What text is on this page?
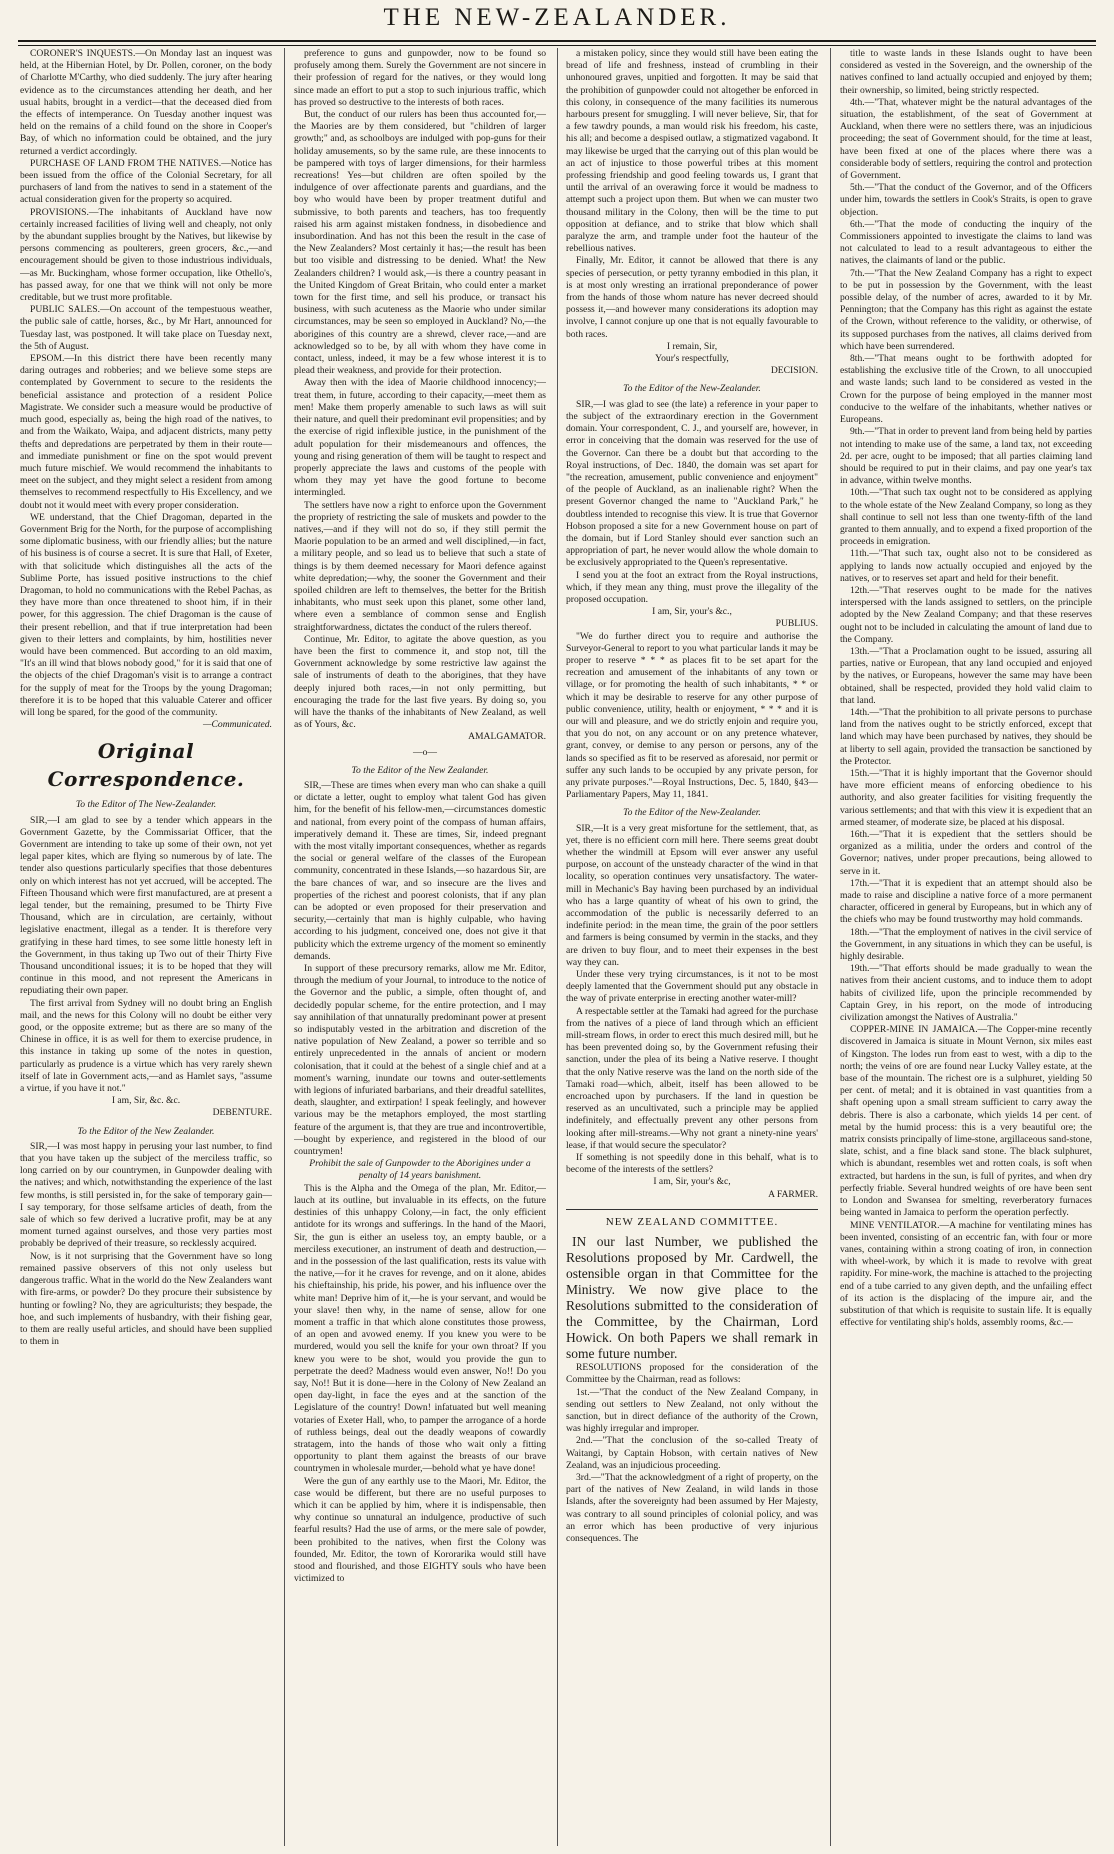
THE NEW-ZEALANDER.

CORONER'S INQUESTS.—On Monday last an inquest was held, at the Hibernian Hotel, by Dr. Pollen, coroner, on the body of Charlotte M'Carthy, who died suddenly. The jury after hearing evidence as to the circumstances attending her death, and her usual habits, brought in a verdict—that the deceased died from the effects of intemperance. On Tuesday another inquest was held on the remains of a child found on the shore in Cooper's Bay, of which no information could be obtained, and the jury returned a verdict accordingly.

PURCHASE OF LAND FROM THE NATIVES.—Notice has been issued from the office of the Colonial Secretary, for all purchasers of land from the natives to send in a statement of the actual consideration given for the property so acquired.

PROVISIONS.—The inhabitants of Auckland have now certainly increased facilities of living well and cheaply, not only by the abundant supplies brought by the Natives, but likewise by persons commencing as poulterers, green grocers, &c.,—and encouragement should be given to those industrious individuals,—as Mr. Buckingham, whose former occupation, like Othello's, has passed away, for one that we think will not only be more creditable, but we trust more profitable.

PUBLIC SALES.—On account of the tempestuous weather, the public sale of cattle, horses, &c., by Mr Hart, announced for Tuesday last, was postponed. It will take place on Tuesday next, the 5th of August.

EPSOM.—In this district there have been recently many daring outrages and robberies; and we believe some steps are contemplated by Government to secure to the residents the beneficial assistance and protection of a resident Police Magistrate. We consider such a measure would be productive of much good, especially as, being the high road of the natives, to and from the Waikato, Waipa, and adjacent districts, many petty thefts and depredations are perpetrated by them in their route—and immediate punishment or fine on the spot would prevent much future mischief. We would recommend the inhabitants to meet on the subject, and they might select a resident from among themselves to recommend respectfully to His Excellency, and we doubt not it would meet with every proper consideration.

WE understand, that the Chief Dragoman, departed in the Government Brig for the North, for the purpose of accomplishing some diplomatic business, with our friendly allies; but the nature of his business is of course a secret. It is sure that Hall, of Exeter, with that solicitude which distinguishes all the acts of the Sublime Porte, has issued positive instructions to the chief Dragoman, to hold no communications with the Rebel Pachas, as they have more than once threatened to shoot him, if in their power, for this aggression. The chief Dragoman is the cause of their present rebellion, and that if true interpretation had been given to their letters and complaints, by him, hostilities never would have been commenced. But according to an old maxim, "It's an ill wind that blows nobody good," for it is said that one of the objects of the chief Dragoman's visit is to arrange a contract for the supply of meat for the Troops by the young Dragoman; therefore it is to be hoped that this valuable Caterer and officer will long be spared, for the good of the community.

—Communicated.

Original Correspondence.

To the Editor of The New-Zealander.

SIR,—I am glad to see by a tender which appears in the Government Gazette, by the Commissariat Officer, that the Government are intending to take up some of their own, not yet legal paper kites, which are flying so numerous by of late. The tender also questions particularly specifies that those debentures only on which interest has not yet accrued, will be accepted. The Fifteen Thousand which were first manufactured, are at present a legal tender, but the remaining, presumed to be Thirty Five Thousand, which are in circulation, are certainly, without legislative enactment, illegal as a tender. It is therefore very gratifying in these hard times, to see some little honesty left in the Government, in thus taking up Two out of their Thirty Five Thousand unconditional issues; it is to be hoped that they will continue in this mood, and not represent the Americans in repudiating their own paper.

The first arrival from Sydney will no doubt bring an English mail, and the news for this Colony will no doubt be either very good, or the opposite extreme; but as there are so many of the Chinese in office, it is as well for them to exercise prudence, in this instance in taking up some of the notes in question, particularly as prudence is a virtue which has very rarely shewn itself of late in Government acts,—and as Hamlet says, "assume a virtue, if you have it not."

I am, Sir, &c. &c.

DEBENTURE.

To the Editor of the New Zealander.

SIR,—I was most happy in perusing your last number, to find that you have taken up the subject of the merciless traffic, so long carried on by our countrymen, in Gunpowder dealing with the natives; and which, notwithstanding the experience of the last few months, is still persisted in, for the sake of temporary gain—I say temporary, for those selfsame articles of death, from the sale of which so few derived a lucrative profit, may be at any moment turned against ourselves, and those very parties most probably be deprived of their treasure, so recklessly acquired.

Now, is it not surprising that the Government have so long remained passive observers of this not only useless but dangerous traffic. What in the world do the New Zealanders want with fire-arms, or powder? Do they procure their subsistence by hunting or fowling? No, they are agriculturists; they bespade, the hoe, and such implements of husbandry, with their fishing gear, to them are really useful articles, and should have been supplied to them in

preference to guns and gunpowder, now to be found so profusely among them. Surely the Government are not sincere in their profession of regard for the natives, or they would long since made an effort to put a stop to such injurious traffic, which has proved so destructive to the interests of both races.

But, the conduct of our rulers has been thus accounted for,—the Maories are by them considered, but "children of larger growth;" and, as schoolboys are indulged with pop-guns for their holiday amusements, so by the same rule, are these innocents to be pampered with toys of larger dimensions, for their harmless recreations! Yes—but children are often spoiled by the indulgence of over affectionate parents and guardians, and the boy who would have been by proper treatment dutiful and submissive, to both parents and teachers, has too frequently raised his arm against mistaken fondness, in disobedience and insubordination. And has not this been the result in the case of the New Zealanders? Most certainly it has;—the result has been but too visible and distressing to be denied. What! the New Zealanders children? I would ask,—is there a country peasant in the United Kingdom of Great Britain, who could enter a market town for the first time, and sell his produce, or transact his business, with such acuteness as the Maorie who under similar circumstances, may be seen so employed in Auckland? No,—the aborigines of this country are a shrewd, clever race,—and are acknowledged so to be, by all with whom they have come in contact, unless, indeed, it may be a few whose interest it is to plead their weakness, and provide for their protection.

Away then with the idea of Maorie childhood innocency;—treat them, in future, according to their capacity,—meet them as men! Make them properly amenable to such laws as will suit their nature, and quell their predominant evil propensities; and by the exercise of rigid inflexible justice, in the punishment of the adult population for their misdemeanours and offences, the young and rising generation of them will be taught to respect and properly appreciate the laws and customs of the people with whom they may yet have the good fortune to become intermingled.

The settlers have now a right to enforce upon the Government the propriety of restricting the sale of muskets and powder to the natives,—and if they will not do so, if they still permit the Maorie population to be an armed and well disciplined,—in fact, a military people, and so lead us to believe that such a state of things is by them deemed necessary for Maori defence against white depredation;—why, the sooner the Government and their spoiled children are left to themselves, the better for the British inhabitants, who must seek upon this planet, some other land, where even a semblance of common sense and English straightforwardness, dictates the conduct of the rulers thereof.

Continue, Mr. Editor, to agitate the above question, as you have been the first to commence it, and stop not, till the Government acknowledge by some restrictive law against the sale of instruments of death to the aborigines, that they have deeply injured both races,—in not only permitting, but encouraging the trade for the last five years. By doing so, you will have the thanks of the inhabitants of New Zealand, as well as of Yours, &c.

AMALGAMATOR.

—o—

To the Editor of the New Zealander.

SIR,—These are times when every man who can shake a quill or dictate a letter, ought to employ what talent God has given him, for the benefit of his fellow-men,—circumstances domestic and national, from every point of the compass of human affairs, imperatively demand it. These are times, Sir, indeed pregnant with the most vitally important consequences, whether as regards the social or general welfare of the classes of the European community, concentrated in these Islands,—so hazardous Sir, are the bare chances of war, and so insecure are the lives and properties of the richest and poorest colonists, that if any plan can be adopted or even proposed for their preservation and security,—certainly that man is highly culpable, who having according to his judgment, conceived one, does not give it that publicity which the extreme urgency of the moment so eminently demands.

In support of these precursory remarks, allow me Mr. Editor, through the medium of your Journal, to introduce to the notice of the Governor and the public, a simple, often thought of, and decidedly popular scheme, for the entire protection, and I may say annihilation of that unnaturally predominant power at present so indisputably vested in the arbitration and discretion of the native population of New Zealand, a power so terrible and so entirely unprecedented in the annals of ancient or modern colonisation, that it could at the behest of a single chief and at a moment's warning, inundate our towns and outer-settlements with legions of infuriated barbarians, and their dreadful satellites, death, slaughter, and extirpation! I speak feelingly, and however various may be the metaphors employed, the most startling feature of the argument is, that they are true and incontrovertible,—bought by experience, and registered in the blood of our countrymen!

Prohibit the sale of Gunpowder to the Aborigines under a penalty of 14 years banishment.

This is the Alpha and the Omega of the plan, Mr. Editor,—lauch at its outline, but invaluable in its effects, on the future destinies of this unhappy Colony,—in fact, the only efficient antidote for its wrongs and sufferings. In the hand of the Maori, Sir, the gun is either an useless toy, an empty bauble, or a merciless executioner, an instrument of death and destruction,—and in the possession of the last qualification, rests its value with the native,—for it he craves for revenge, and on it alone, abides his chieftainship, his pride, his power, and his influence over the white man! Deprive him of it,—he is your servant, and would be your slave! then why, in the name of sense, allow for one moment a traffic in that which alone constitutes those prowess, of an open and avowed enemy. If you knew you were to be murdered, would you sell the knife for your own throat? If you knew you were to be shot, would you provide the gun to perpetrate the deed? Madness would even answer, No!! Do you say, No!! But it is done—here in the Colony of New Zealand an open day-light, in face the eyes and at the sanction of the Legislature of the country! Down! infatuated but well meaning votaries of Exeter Hall, who, to pamper the arrogance of a horde of ruthless beings, deal out the deadly weapons of cowardly stratagem, into the hands of those who wait only a fitting opportunity to plant them against the breasts of our brave countrymen in wholesale murder,—behold what ye have done!

Were the gun of any earthly use to the Maori, Mr. Editor, the case would be different, but there are no useful purposes to which it can be applied by him, where it is indispensable, then why continue so unnatural an indulgence, productive of such fearful results? Had the use of arms, or the mere sale of powder, been prohibited to the natives, when first the Colony was founded, Mr. Editor, the town of Kororarika would still have stood and flourished, and those EIGHTY souls who have been victimized to

a mistaken policy, since they would still have been eating the bread of life and freshness, instead of crumbling in their unhonoured graves, unpitied and forgotten. It may be said that the prohibition of gunpowder could not altogether be enforced in this colony, in consequence of the many facilities its numerous harbours present for smuggling. I will never believe, Sir, that for a few tawdry pounds, a man would risk his freedom, his caste, his all; and become a despised outlaw, a stigmatized vagabond. It may likewise be urged that the carrying out of this plan would be an act of injustice to those powerful tribes at this moment professing friendship and good feeling towards us, I grant that until the arrival of an overawing force it would be madness to attempt such a project upon them. But when we can muster two thousand military in the Colony, then will be the time to put opposition at defiance, and to strike that blow which shall paralyze the arm, and trample under foot the hauteur of the rebellious natives.

Finally, Mr. Editor, it cannot be allowed that there is any species of persecution, or petty tyranny embodied in this plan, it is at most only wresting an irrational preponderance of power from the hands of those whom nature has never decreed should possess it,—and however many considerations its adoption may involve, I cannot conjure up one that is not equally favourable to both races.

I remain, Sir,

Your's respectfully,

DECISION.

To the Editor of the New-Zealander.

SIR,—I was glad to see (the late) a reference in your paper to the subject of the extraordinary erection in the Government domain. Your correspondent, C. J., and yourself are, however, in error in conceiving that the domain was reserved for the use of the Governor. Can there be a doubt but that according to the Royal instructions, of Dec. 1840, the domain was set apart for "the recreation, amusement, public convenience and enjoyment" of the people of Auckland, as an inalienable right? When the present Governor changed the name to "Auckland Park," he doubtless intended to recognise this view. It is true that Governor Hobson proposed a site for a new Government house on part of the domain, but if Lord Stanley should ever sanction such an appropriation of part, he never would allow the whole domain to be exclusively appropriated to the Queen's representative.

I send you at the foot an extract from the Royal instructions, which, if they mean any thing, must prove the illegality of the proposed occupation.

I am, Sir, your's &c.,

PUBLIUS.

"We do further direct you to require and authorise the Surveyor-General to report to you what particular lands it may be proper to reserve * * * as places fit to be set apart for the recreation and amusement of the inhabitants of any town or village, or for promoting the health of such inhabitants, * * or which it may be desirable to reserve for any other purpose of public convenience, utility, health or enjoyment, * * * and it is our will and pleasure, and we do strictly enjoin and require you, that you do not, on any account or on any pretence whatever, grant, convey, or demise to any person or persons, any of the lands so specified as fit to be reserved as aforesaid, nor permit or suffer any such lands to be occupied by any private person, for any private purposes."—Royal Instructions, Dec. 5, 1840, §43—Parliamentary Papers, May 11, 1841.

To the Editor of the New-Zealander.

SIR,—It is a very great misfortune for the settlement, that, as yet, there is no efficient corn mill here. There seems great doubt whether the windmill at Epsom will ever answer any useful purpose, on account of the unsteady character of the wind in that locality, so operation continues very unsatisfactory. The water-mill in Mechanic's Bay having been purchased by an individual who has a large quantity of wheat of his own to grind, the accommodation of the public is necessarily deferred to an indefinite period: in the mean time, the grain of the poor settlers and farmers is being consumed by vermin in the stacks, and they are driven to buy flour, and to meet their expenses in the best way they can.

Under these very trying circumstances, is it not to be most deeply lamented that the Government should put any obstacle in the way of private enterprise in erecting another water-mill?

A respectable settler at the Tamaki had agreed for the purchase from the natives of a piece of land through which an efficient mill-stream flows, in order to erect this much desired mill, but he has been prevented doing so, by the Government refusing their sanction, under the plea of its being a Native reserve. I thought that the only Native reserve was the land on the north side of the Tamaki road—which, albeit, itself has been allowed to be encroached upon by purchasers. If the land in question be reserved as an uncultivated, such a principle may be applied indefinitely, and effectually prevent any other persons from looking after mill-streams.—Why not grant a ninety-nine years' lease, if that would secure the speculator?

If something is not speedily done in this behalf, what is to become of the interests of the settlers?

I am, Sir, your's &c,

A FARMER.

NEW ZEALAND COMMITTEE.

IN our last Number, we published the Resolutions proposed by Mr. Cardwell, the ostensible organ in that Committee for the Ministry. We now give place to the Resolutions submitted to the consideration of the Committee, by the Chairman, Lord Howick. On both Papers we shall remark in some future number.

RESOLUTIONS proposed for the consideration of the Committee by the Chairman, read as follows:

1st.—"That the conduct of the New Zealand Company, in sending out settlers to New Zealand, not only without the sanction, but in direct defiance of the authority of the Crown, was highly irregular and improper.

2nd.—"That the conclusion of the so-called Treaty of Waitangi, by Captain Hobson, with certain natives of New Zealand, was an injudicious proceeding.

3rd.—"That the acknowledgment of a right of property, on the part of the natives of New Zealand, in wild lands in those Islands, after the sovereignty had been assumed by Her Majesty, was contrary to all sound principles of colonial policy, and was an error which has been productive of very injurious consequences. The

title to waste lands in these Islands ought to have been considered as vested in the Sovereign, and the ownership of the natives confined to land actually occupied and enjoyed by them; their ownership, so limited, being strictly respected.

4th.—"That, whatever might be the natural advantages of the situation, the establishment, of the seat of Government at Auckland, when there were no settlers there, was an injudicious proceeding; the seat of Government should, for the time at least, have been fixed at one of the places where there was a considerable body of settlers, requiring the control and protection of Government.

5th.—"That the conduct of the Governor, and of the Officers under him, towards the settlers in Cook's Straits, is open to grave objection.

6th.—"That the mode of conducting the inquiry of the Commissioners appointed to investigate the claims to land was not calculated to lead to a result advantageous to either the natives, the claimants of land or the public.

7th.—"That the New Zealand Company has a right to expect to be put in possession by the Government, with the least possible delay, of the number of acres, awarded to it by Mr. Pennington; that the Company has this right as against the estate of the Crown, without reference to the validity, or otherwise, of its supposed purchases from the natives, all claims derived from which have been surrendered.

8th.—"That means ought to be forthwith adopted for establishing the exclusive title of the Crown, to all unoccupied and waste lands; such land to be considered as vested in the Crown for the purpose of being employed in the manner most conducive to the welfare of the inhabitants, whether natives or Europeans.

9th.—"That in order to prevent land from being held by parties not intending to make use of the same, a land tax, not exceeding 2d. per acre, ought to be imposed; that all parties claiming land should be required to put in their claims, and pay one year's tax in advance, within twelve months.

10th.—"That such tax ought not to be considered as applying to the whole estate of the New Zealand Company, so long as they shall continue to sell not less than one twenty-fifth of the land granted to them annually, and to expend a fixed proportion of the proceeds in emigration.

11th.—"That such tax, ought also not to be considered as applying to lands now actually occupied and enjoyed by the natives, or to reserves set apart and held for their benefit.

12th.—"That reserves ought to be made for the natives interspersed with the lands assigned to settlers, on the principle adopted by the New Zealand Company; and that these reserves ought not to be included in calculating the amount of land due to the Company.

13th.—"That a Proclamation ought to be issued, assuring all parties, native or European, that any land occupied and enjoyed by the natives, or Europeans, however the same may have been obtained, shall be respected, provided they hold valid claim to that land.

14th.—"That the prohibition to all private persons to purchase land from the natives ought to be strictly enforced, except that land which may have been purchased by natives, they should be at liberty to sell again, provided the transaction be sanctioned by the Protector.

15th.—"That it is highly important that the Governor should have more efficient means of enforcing obedience to his authority, and also greater facilities for visiting frequently the various settlements; and that with this view it is expedient that an armed steamer, of moderate size, be placed at his disposal.

16th.—"That it is expedient that the settlers should be organized as a militia, under the orders and control of the Governor; natives, under proper precautions, being allowed to serve in it.

17th.—"That it is expedient that an attempt should also be made to raise and discipline a native force of a more permanent character, officered in general by Europeans, but in which any of the chiefs who may be found trustworthy may hold commands.

18th.—"That the employment of natives in the civil service of the Government, in any situations in which they can be useful, is highly desirable.

19th.—"That efforts should be made gradually to wean the natives from their ancient customs, and to induce them to adopt habits of civilized life, upon the principle recommended by Captain Grey, in his report, on the mode of introducing civilization amongst the Natives of Australia."

COPPER-MINE IN JAMAICA.—The Copper-mine recently discovered in Jamaica is situate in Mount Vernon, six miles east of Kingston. The lodes run from east to west, with a dip to the north; the veins of ore are found near Lucky Valley estate, at the base of the mountain. The richest ore is a sulphuret, yielding 50 per cent. of metal; and it is obtained in vast quantities from a shaft opening upon a small stream sufficient to carry away the debris. There is also a carbonate, which yields 14 per cent. of metal by the humid process: this is a very beautiful ore; the matrix consists principally of lime-stone, argillaceous sand-stone, slate, schist, and a fine black sand stone. The black sulphuret, which is abundant, resembles wet and rotten coals, is soft when extracted, but hardens in the sun, is full of pyrites, and when dry perfectly friable. Several hundred weights of ore have been sent to London and Swansea for smelting, reverberatory furnaces being wanted in Jamaica to perform the operation perfectly.

MINE VENTILATOR.—A machine for ventilating mines has been invented, consisting of an eccentric fan, with four or more vanes, containing within a strong coating of iron, in connection with wheel-work, by which it is made to revolve with great rapidity. For mine-work, the machine is attached to the projecting end of a tube carried to any given depth, and the unfailing effect of its action is the displacing of the impure air, and the substitution of that which is requisite to sustain life. It is equally effective for ventilating ship's holds, assembly rooms, &c.—
